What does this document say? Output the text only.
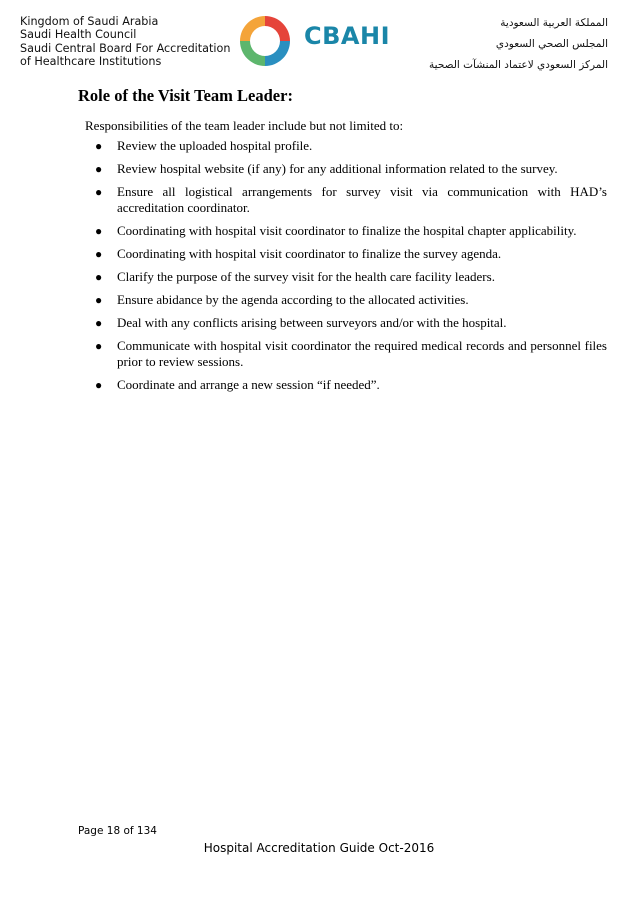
Kingdom of Saudi Arabia
Saudi Health Council
Saudi Central Board For Accreditation
of Healthcare Institutions
CBAHI	المملكة العربية السعودية
المجلس الصحي السعودي
المركز السعودي لاعتماد المنشآت الصحية
Role of the Visit Team Leader:
Responsibilities of the team leader include but not limited to:
● Review the uploaded hospital profile.
● Review hospital website (if any) for any additional information related to the survey.
● Ensure all logistical arrangements for survey visit via communication with HAD’s accreditation coordinator.
● Coordinating with hospital visit coordinator to finalize the hospital chapter applicability.
● Coordinating with hospital visit coordinator to finalize the survey agenda.
● Clarify the purpose of the survey visit for the health care facility leaders.
● Ensure abidance by the agenda according to the allocated activities.
● Deal with any conflicts arising between surveyors and/or with the hospital.
● Communicate with hospital visit coordinator the required medical records and personnel files prior to review sessions.
● Coordinate and arrange a new session “if needed”.
Page 18 of 134
Hospital Accreditation Guide Oct-2016
